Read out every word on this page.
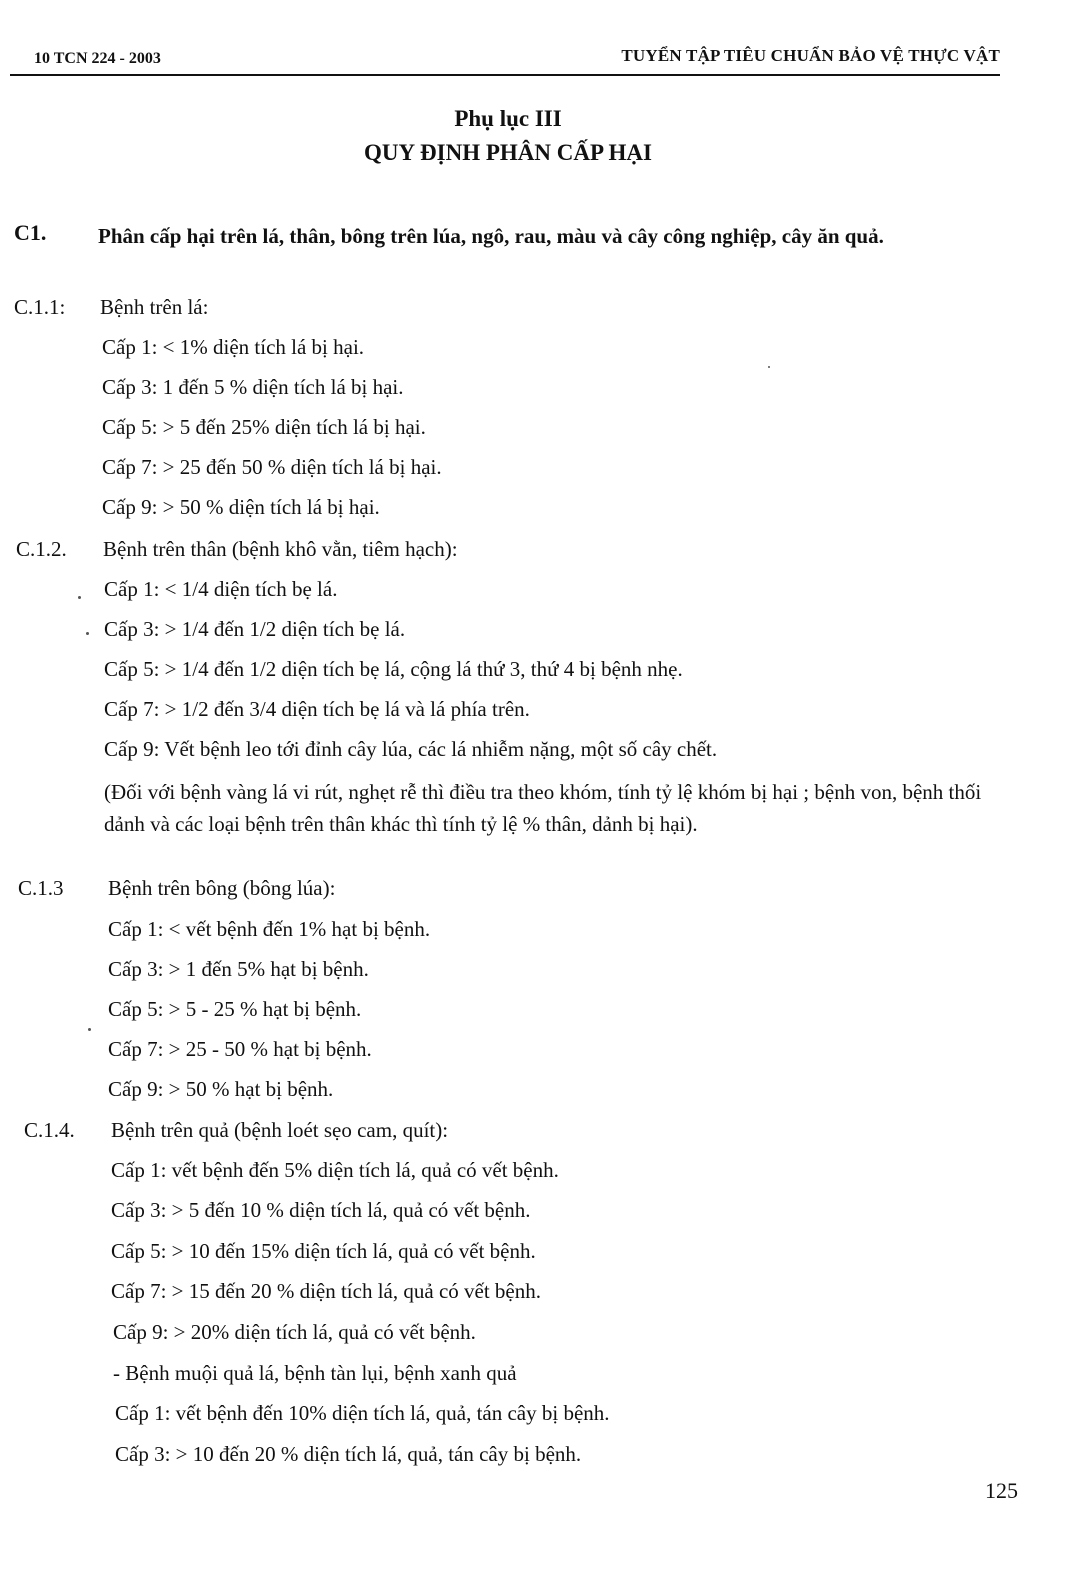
10 TCN 224 - 2003	TUYỂN TẬP TIÊU CHUẨN BẢO VỆ THỰC VẬT
Phụ lục III
QUY ĐỊNH PHÂN CẤP HẠI
C1. Phân cấp hại trên lá, thân, bông trên lúa, ngô, rau, màu và cây công nghiệp, cây ăn quả.
C.1.1: Bệnh trên lá:
Cấp 1: < 1% diện tích lá bị hại.
Cấp 3: 1 đến 5 % diện tích lá bị hại.
Cấp 5: > 5 đến 25% diện tích lá bị hại.
Cấp 7: > 25 đến 50 % diện tích lá bị hại.
Cấp 9: > 50 % diện tích lá bị hại.
C.1.2. Bệnh trên thân (bệnh khô vằn, tiêm hạch):
Cấp 1: < 1/4 diện tích bẹ lá.
Cấp 3: > 1/4 đến 1/2 diện tích bẹ lá.
Cấp 5: > 1/4 đến 1/2 diện tích bẹ lá, cộng lá thứ 3, thứ 4 bị bệnh nhẹ.
Cấp 7: > 1/2 đến 3/4 diện tích bẹ lá và lá phía trên.
Cấp 9: Vết bệnh leo tới đỉnh cây lúa, các lá nhiễm nặng, một số cây chết.
(Đối với bệnh vàng lá vi rút, nghẹt rễ thì điều tra theo khóm, tính tỷ lệ khóm bị hại ; bệnh von, bệnh thối dảnh và các loại bệnh trên thân khác thì tính tỷ lệ % thân, dảnh bị hại).
C.1.3 Bệnh trên bông (bông lúa):
Cấp 1: < vết bệnh đến 1% hạt bị bệnh.
Cấp 3: > 1 đến 5% hạt bị bệnh.
Cấp 5: > 5 - 25 % hạt bị bệnh.
Cấp 7: > 25 - 50 % hạt bị bệnh.
Cấp 9: > 50 % hạt bị bệnh.
C.1.4. Bệnh trên quả (bệnh loét sẹo cam, quít):
Cấp 1: vết bệnh đến 5% diện tích lá, quả có vết bệnh.
Cấp 3: > 5 đến 10 % diện tích lá, quả có vết bệnh.
Cấp 5: > 10 đến 15% diện tích lá, quả có vết bệnh.
Cấp 7: > 15 đến 20 % diện tích lá, quả có vết bệnh.
Cấp 9: > 20% diện tích lá, quả có vết bệnh.
- Bệnh muội quả lá, bệnh tàn lụi, bệnh xanh quả
Cấp 1: vết bệnh đến 10% diện tích lá, quả, tán cây bị bệnh.
Cấp 3: > 10 đến 20 % diện tích lá, quả, tán cây bị bệnh.
125
